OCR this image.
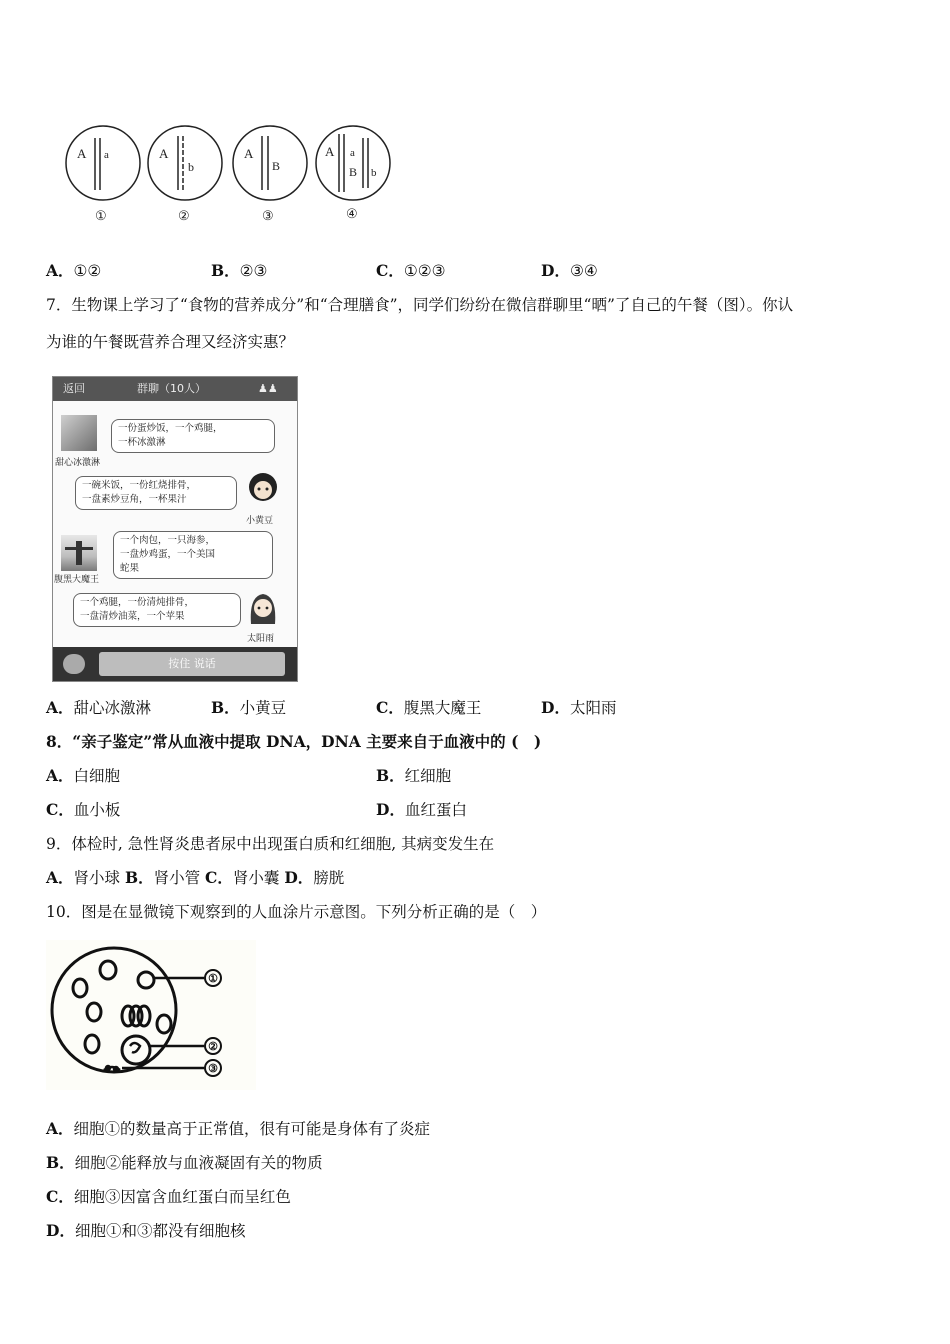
A a
①
A
b
②
A
B
③
A a
B b
④
A．①②	B．②③	C．①②③	D．③④
7．生物课上学习了“食物的营养成分”和“合理膳食”，同学们纷纷在微信群聊里“晒”了自己的午餐（图）。你认
为谁的午餐既营养合理又经济实惠？
返回	群聊（10人）	♟♟
甜心冰激淋
一份蛋炒饭，一个鸡腿，
一杯冰激淋
一碗米饭，一份红烧排骨，
一盘素炒豆角，一杯果汁
小黄豆
腹黑大魔王
一个肉包，一只海参，
一盘炒鸡蛋，一个美国
蛇果
一个鸡腿，一份清炖排骨，
一盘清炒油菜，一个苹果
太阳雨
按住 说话
A．甜心冰激淋	B．小黄豆	C．腹黑大魔王	D．太阳雨
8．“亲子鉴定”常从血液中提取 DNA，DNA 主要来自于血液中的 (　)
A．白细胞	B．红细胞
C．血小板	D．血红蛋白
9．体检时, 急性肾炎患者尿中出现蛋白质和红细胞, 其病变发生在
A．肾小球 B．肾小管 C．肾小囊 D．膀胱
10．图是在显微镜下观察到的人血涂片示意图。下列分析正确的是（　）
①
②
③
A．细胞①的数量高于正常值，很有可能是身体有了炎症
B．细胞②能释放与血液凝固有关的物质
C．细胞③因富含血红蛋白而呈红色
D．细胞①和③都没有细胞核
